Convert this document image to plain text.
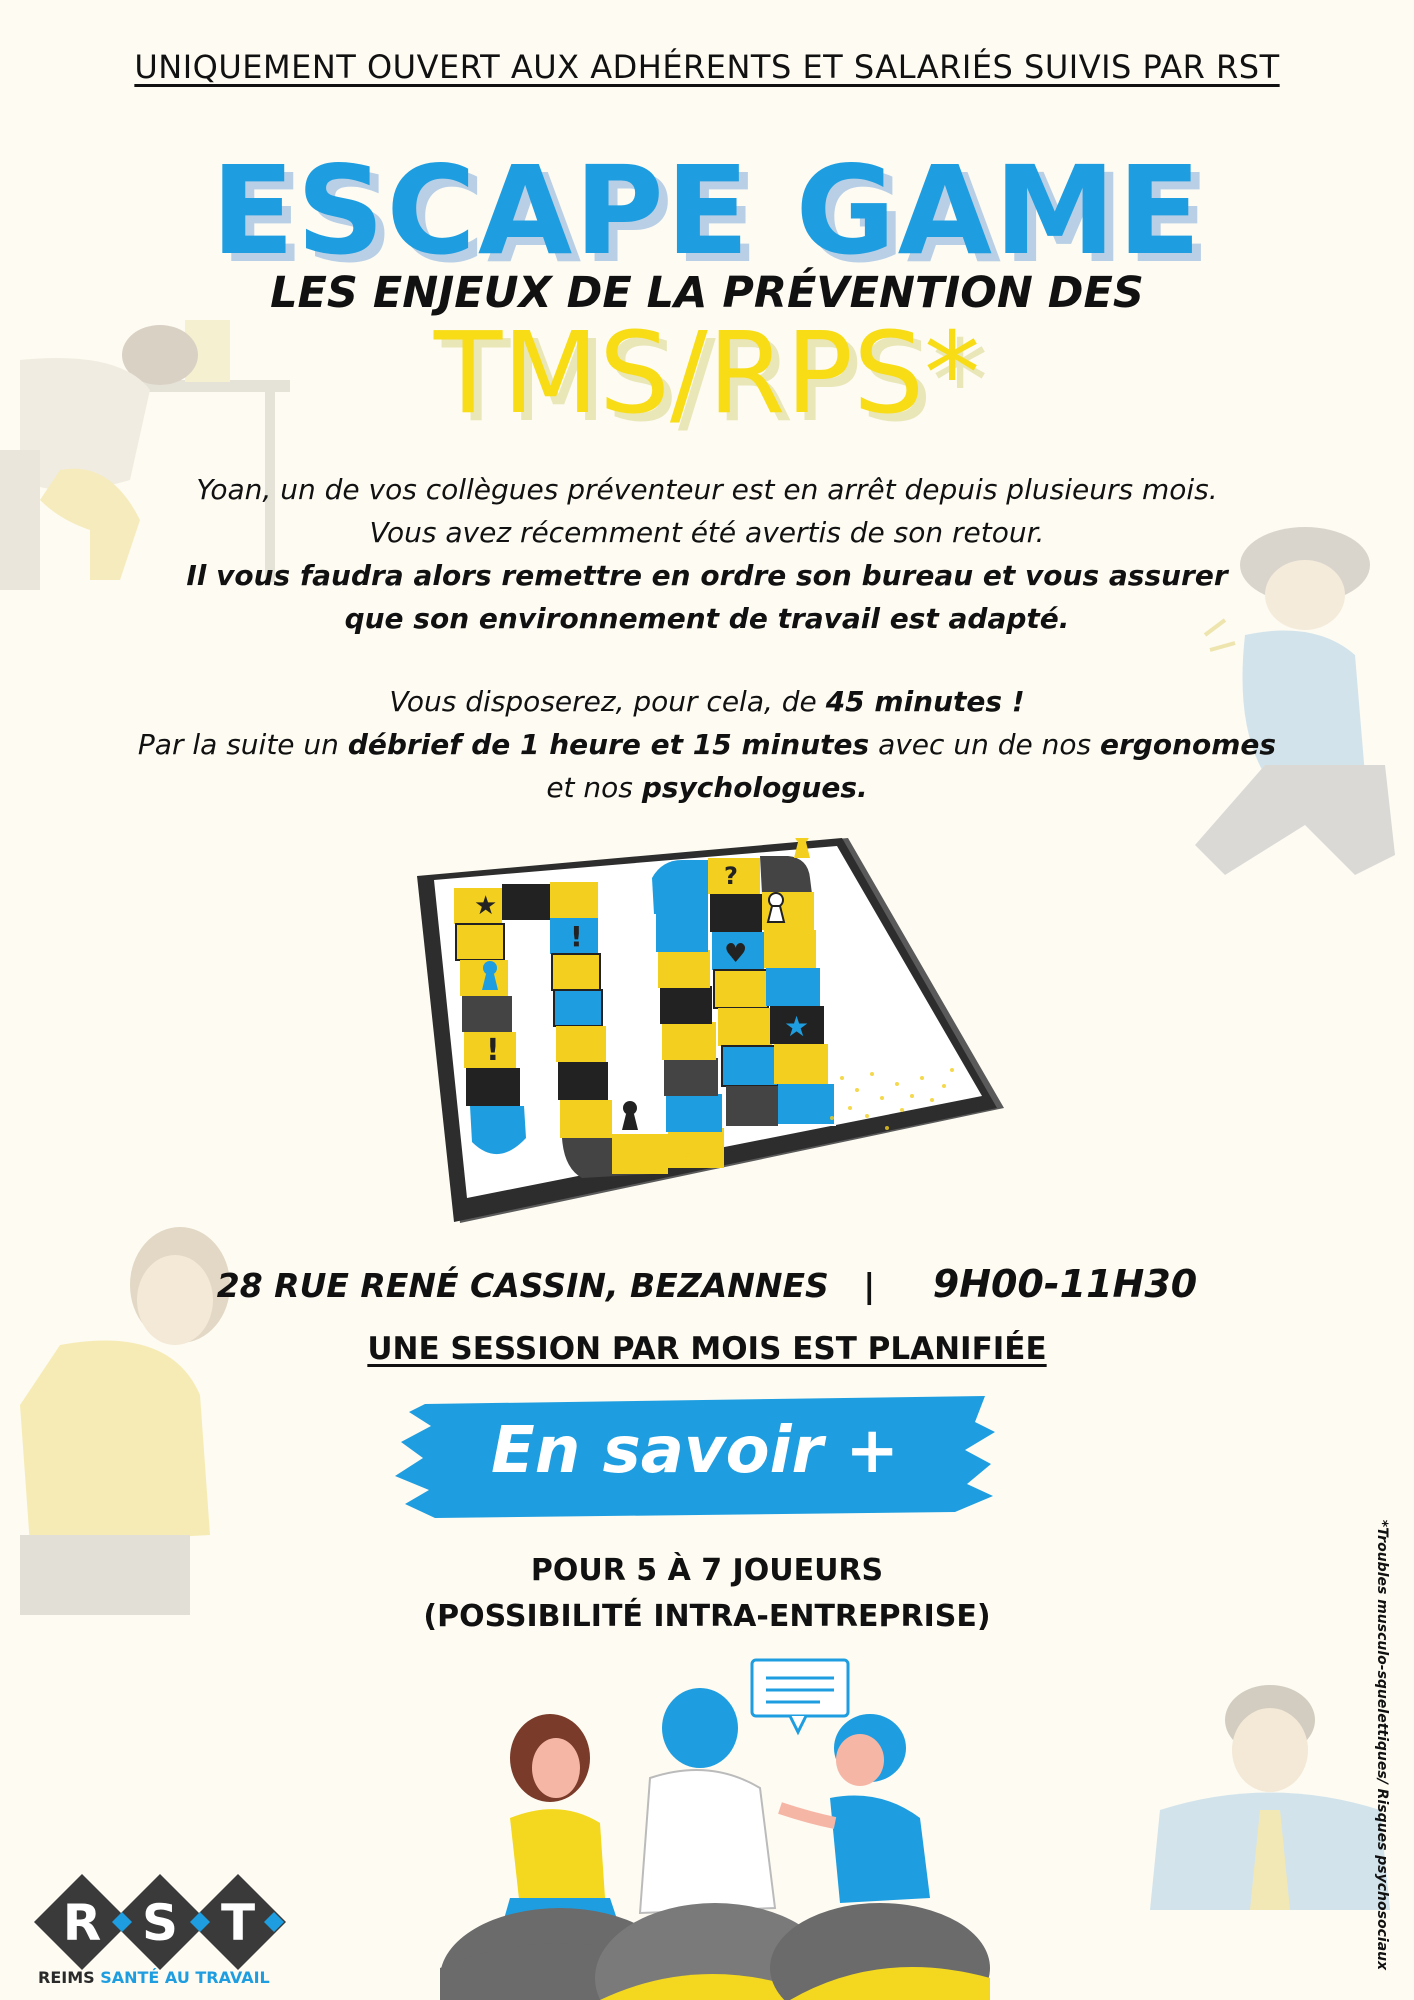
UNIQUEMENT OUVERT AUX ADHÉRENTS ET SALARIÉS SUIVIS PAR RST
ESCAPE GAME
LES ENJEUX DE LA PRÉVENTION DES
TMS/RPS*
Yoan, un de vos collègues préventeur est en arrêt depuis plusieurs mois.
Vous avez récemment été avertis de son retour.
Il vous faudra alors remettre en ordre son bureau et vous assurer
que son environnement de travail est adapté.
Vous disposerez, pour cela, de 45 minutes !
Par la suite un débrief de 1 heure et 15 minutes avec un de nos ergonomes
et nos psychologues.
★
!
!
♥
♥
?
?
★
28 RUE RENÉ CASSIN, BEZANNES | 9H00-11H30
UNE SESSION PAR MOIS EST PLANIFIÉE
En savoir +
POUR 5 À 7 JOUEURS
(POSSIBILITÉ INTRA-ENTREPRISE)	*Troubles musculo-squelettiques/ Risques psychosociaux
R S T
REIMS SANTÉ AU TRAVAIL
